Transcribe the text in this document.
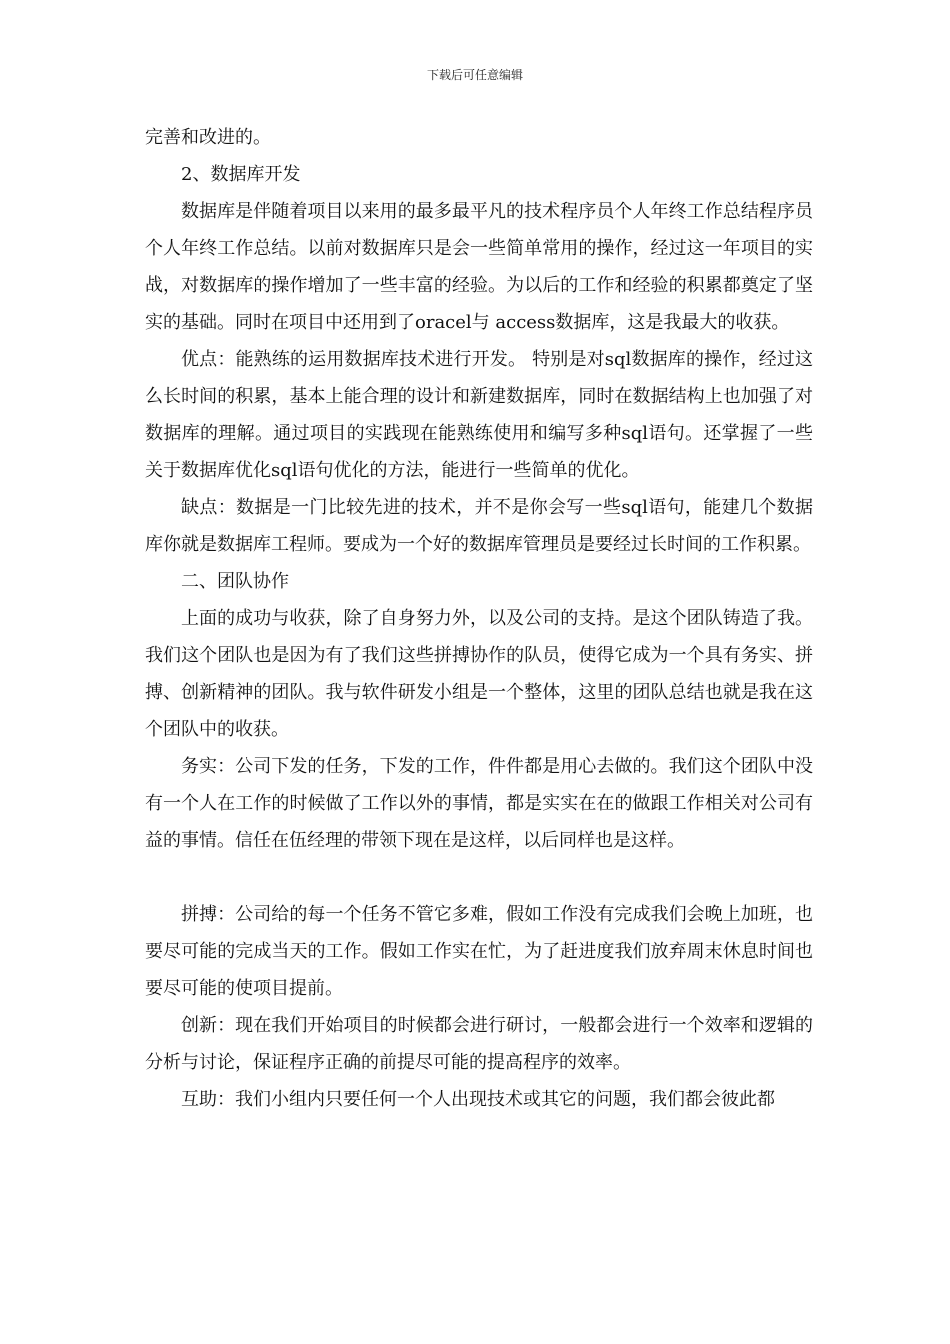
下载后可任意编辑

完善和改进的。

2、数据库开发

数据库是伴随着项目以来用的最多最平凡的技术程序员个人年终工作总结程序员个人年终工作总结。以前对数据库只是会一些简单常用的操作，经过这一年项目的实战，对数据库的操作增加了一些丰富的经验。为以后的工作和经验的积累都奠定了坚实的基础。同时在项目中还用到了oracel与 access数据库，这是我最大的收获。

优点：能熟练的运用数据库技术进行开发。 特别是对sql数据库的操作，经过这么长时间的积累，基本上能合理的设计和新建数据库，同时在数据结构上也加强了对数据库的理解。通过项目的实践现在能熟练使用和编写多种sql语句。还掌握了一些关于数据库优化sql语句优化的方法，能进行一些简单的优化。

缺点：数据是一门比较先进的技术，并不是你会写一些sql语句，能建几个数据库你就是数据库工程师。要成为一个好的数据库管理员是要经过长时间的工作积累。

二、团队协作

上面的成功与收获，除了自身努力外，以及公司的支持。是这个团队铸造了我。我们这个团队也是因为有了我们这些拼搏协作的队员，使得它成为一个具有务实、拼搏、创新精神的团队。我与软件研发小组是一个整体，这里的团队总结也就是我在这个团队中的收获。

务实：公司下发的任务，下发的工作，件件都是用心去做的。我们这个团队中没有一个人在工作的时候做了工作以外的事情，都是实实在在的做跟工作相关对公司有益的事情。信任在伍经理的带领下现在是这样，以后同样也是这样。

拼搏：公司给的每一个任务不管它多难，假如工作没有完成我们会晚上加班，也要尽可能的完成当天的工作。假如工作实在忙，为了赶进度我们放弃周末休息时间也要尽可能的使项目提前。

创新：现在我们开始项目的时候都会进行研讨，一般都会进行一个效率和逻辑的分析与讨论，保证程序正确的前提尽可能的提高程序的效率。

互助：我们小组内只要任何一个人出现技术或其它的问题，我们都会彼此都
